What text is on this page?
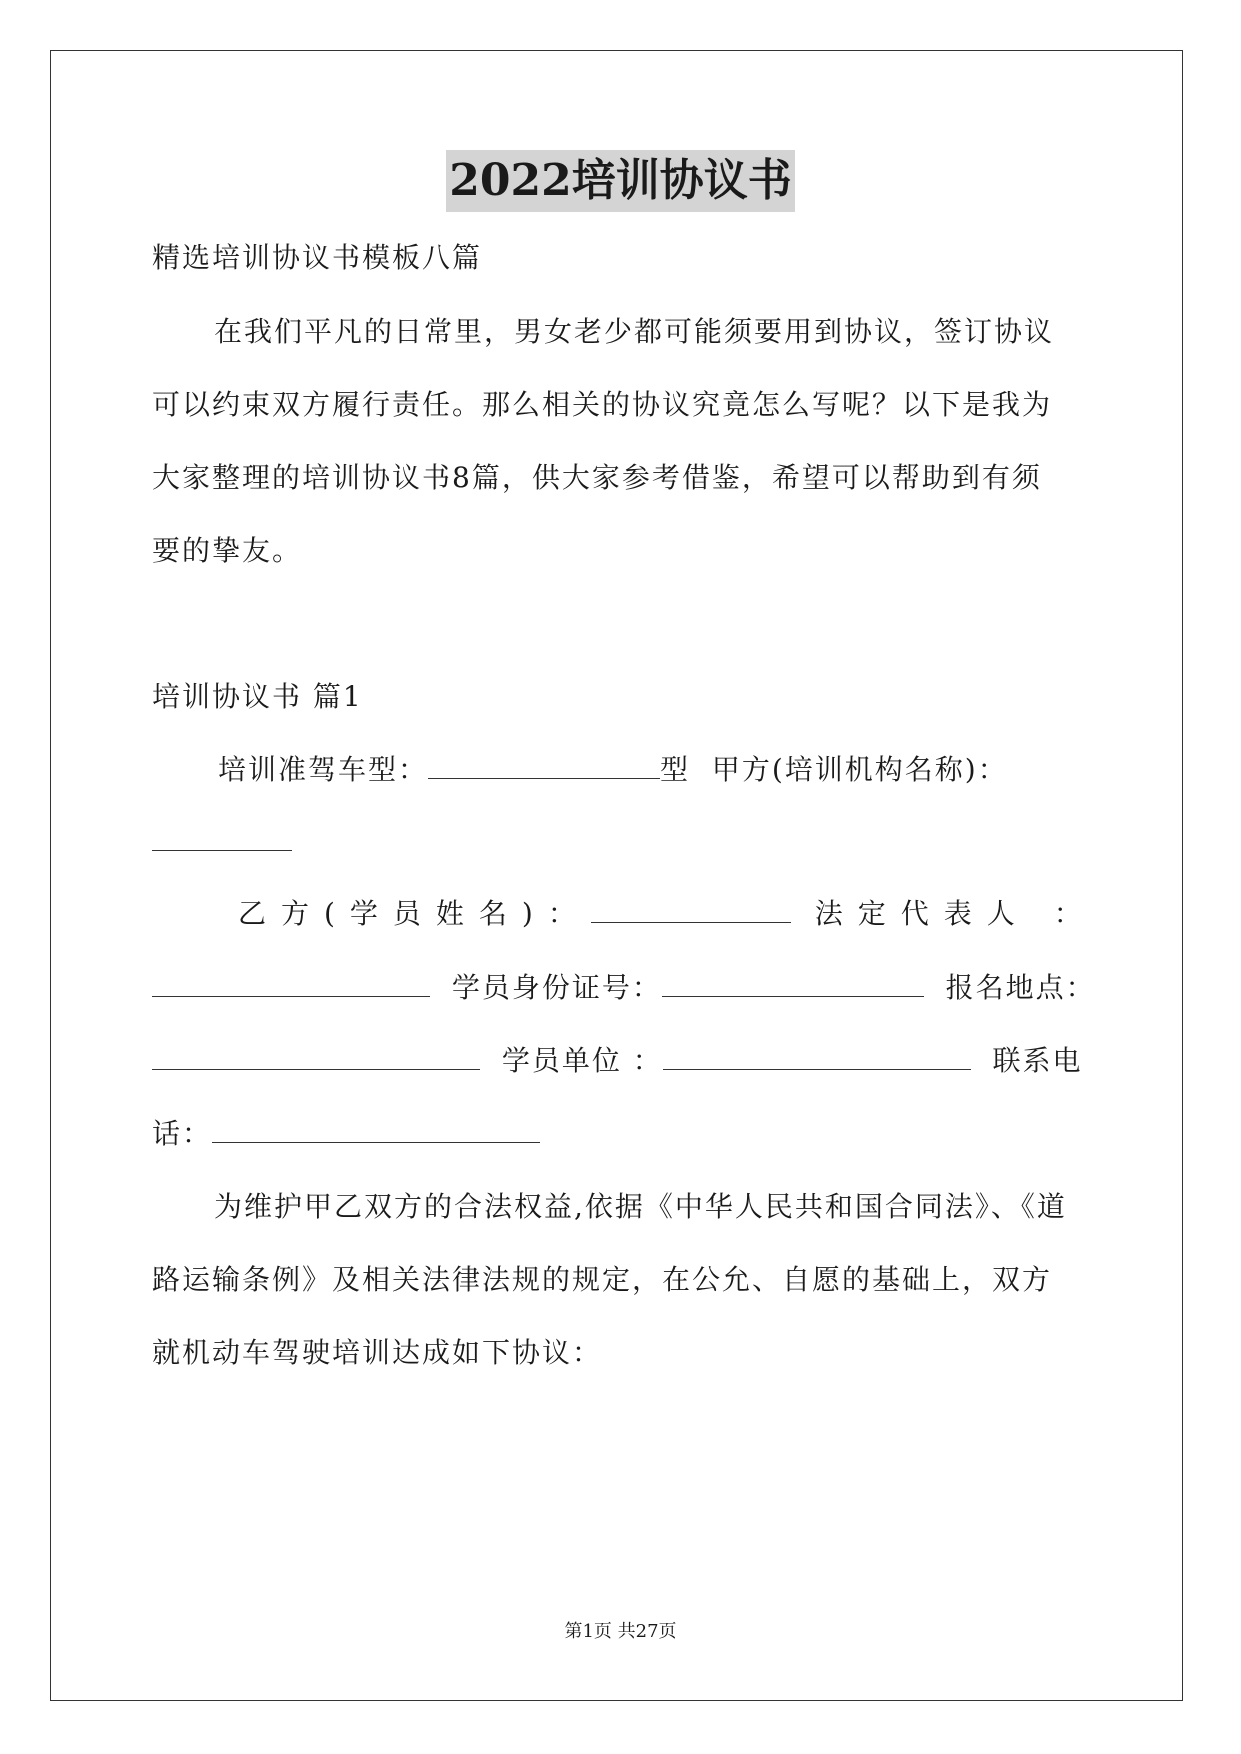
2022培训协议书
精选培训协议书模板八篇
在我们平凡的日常里，男女老少都可能须要用到协议，签订协议
可以约束双方履行责任。那么相关的协议究竟怎么写呢？以下是我为
大家整理的培训协议书8篇，供大家参考借鉴，希望可以帮助到有须
要的挚友。
培训协议书 篇1
培训准驾车型：	型 甲方(培训机构名称)：
乙方(学员姓名)：	法定代表人 ：
学员身份证号：	报名地点：
学员单位 ：	联系电
话：
为维护甲乙双方的合法权益,依据《中华人民共和国合同法》、《道
路运输条例》及相关法律法规的规定，在公允、自愿的基础上，双方
就机动车驾驶培训达成如下协议：
第1页 共27页
